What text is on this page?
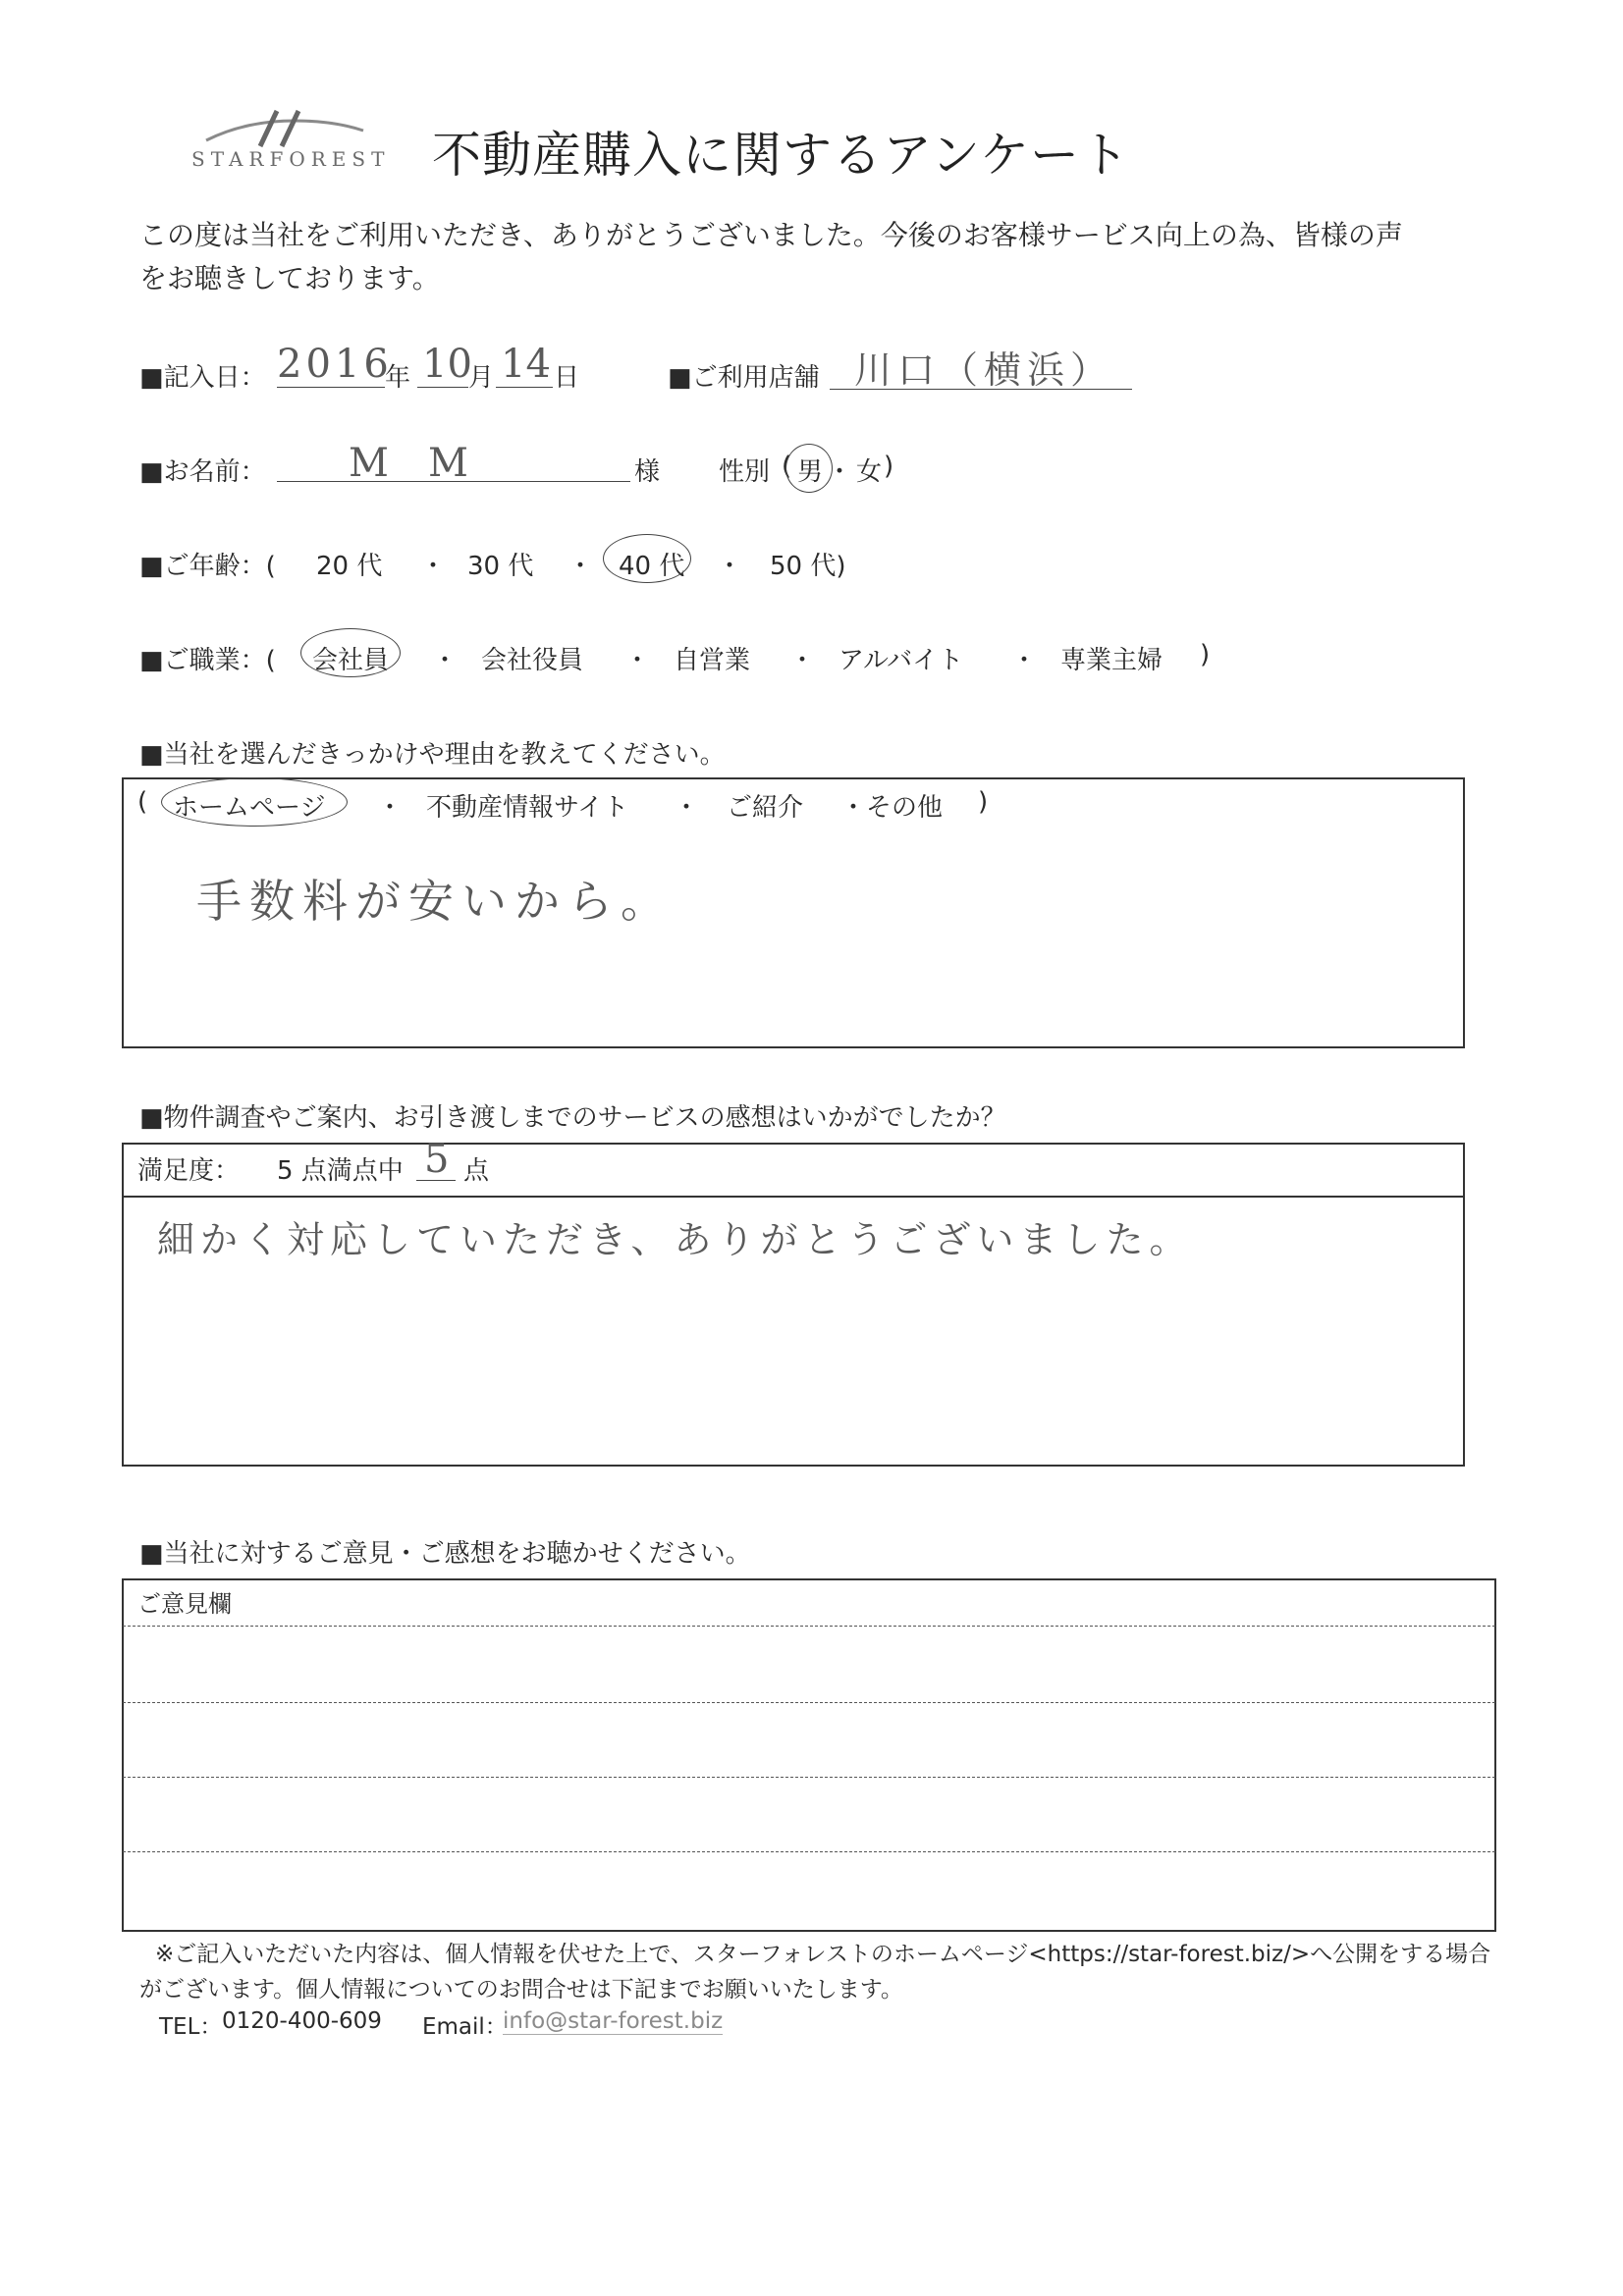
STARFOREST 不動産購入に関するアンケート
この度は当社をご利用いただき、ありがとうございました。今後のお客様サービス向上の為、皆様の声
をお聴きしております。
■記入日： 2016
年 10
月 14 日	■ご利用店舗 川口（横浜）
■お名前： M　M	様 性別 ( 男 ・ 女 )
■ご年齢：( 20 代 ・ 30 代 ・ 40 代 ・ 50 代)
■ご職業：( 会社員 ・ 会社役員 ・ 自営業 ・ アルバイト ・ 専業主婦 )
■当社を選んだきっかけや理由を教えてください。
( ホームページ ・ 不動産情報サイト ・ ご紹介 ・その他 )
手数料が安いから。
■物件調査やご案内、お引き渡しまでのサービスの感想はいかがでしたか？
満足度： 5 点満点中 5 点
細かく対応していただき、ありがとうございました。
■当社に対するご意見・ご感想をお聴かせください。
ご意見欄
※ご記入いただいた内容は、個人情報を伏せた上で、スターフォレストのホームページ<https://star-forest.biz/>へ公開をする場合
がございます。個人情報についてのお問合せは下記までお願いいたします。
TEL： 0120-400-609 Email：
info@star-forest.biz
